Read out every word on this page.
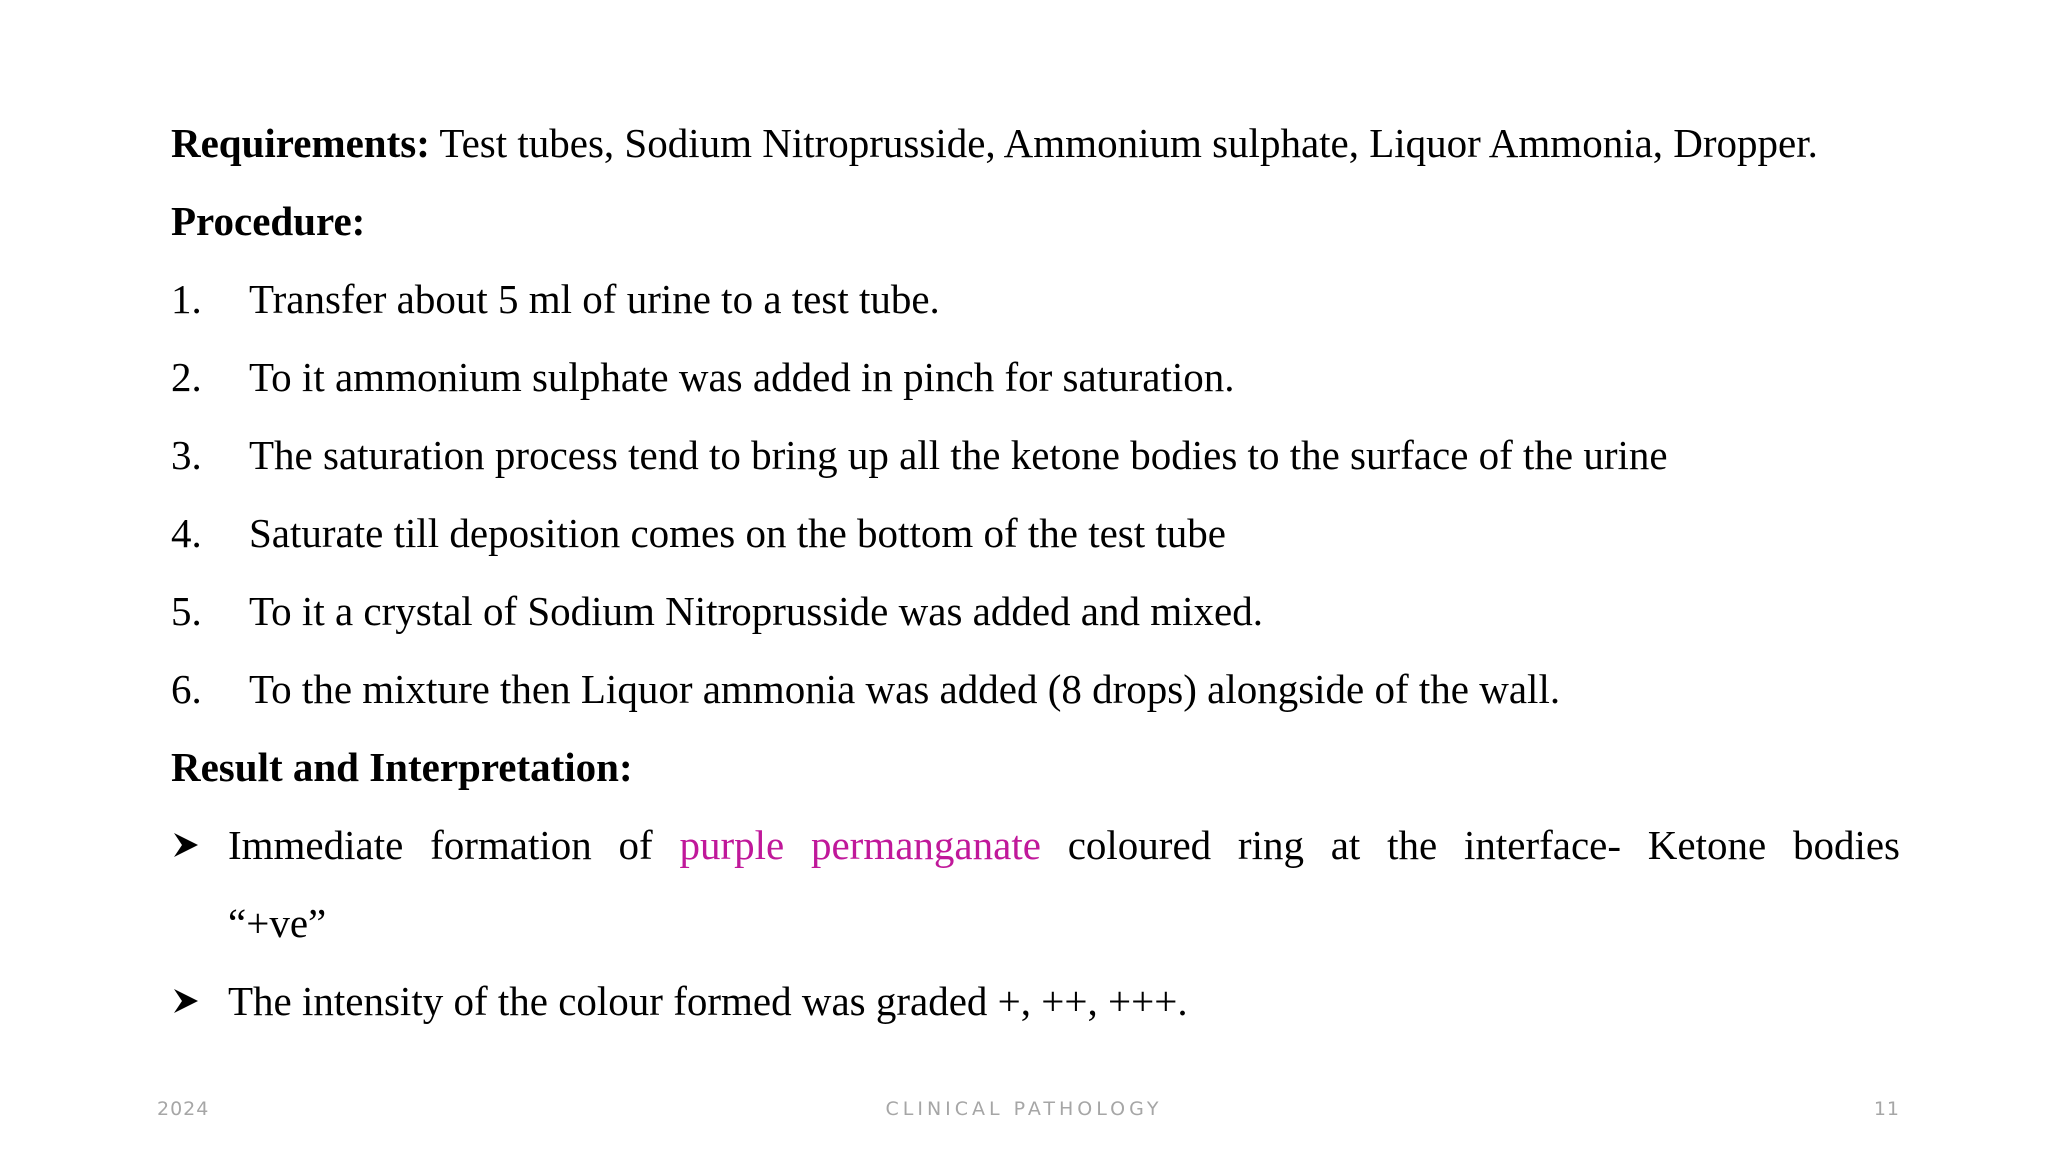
Requirements: Test tubes, Sodium Nitroprusside, Ammonium sulphate, Liquor Ammonia, Dropper.
Procedure:
1. Transfer about 5 ml of urine to a test tube.
2. To it ammonium sulphate was added in pinch for saturation.
3. The saturation process tend to bring up all the ketone bodies to the surface of the urine
4. Saturate till deposition comes on the bottom of the test tube
5. To it a crystal of Sodium Nitroprusside was added and mixed.
6. To the mixture then Liquor ammonia was added (8 drops) alongside of the wall.
Result and Interpretation:
Immediate formation of purple permanganate coloured ring at the interface- Ketone bodies
“+ve”
The intensity of the colour formed was graded +, ++, +++.
2024	CLINICAL PATHOLOGY	11
